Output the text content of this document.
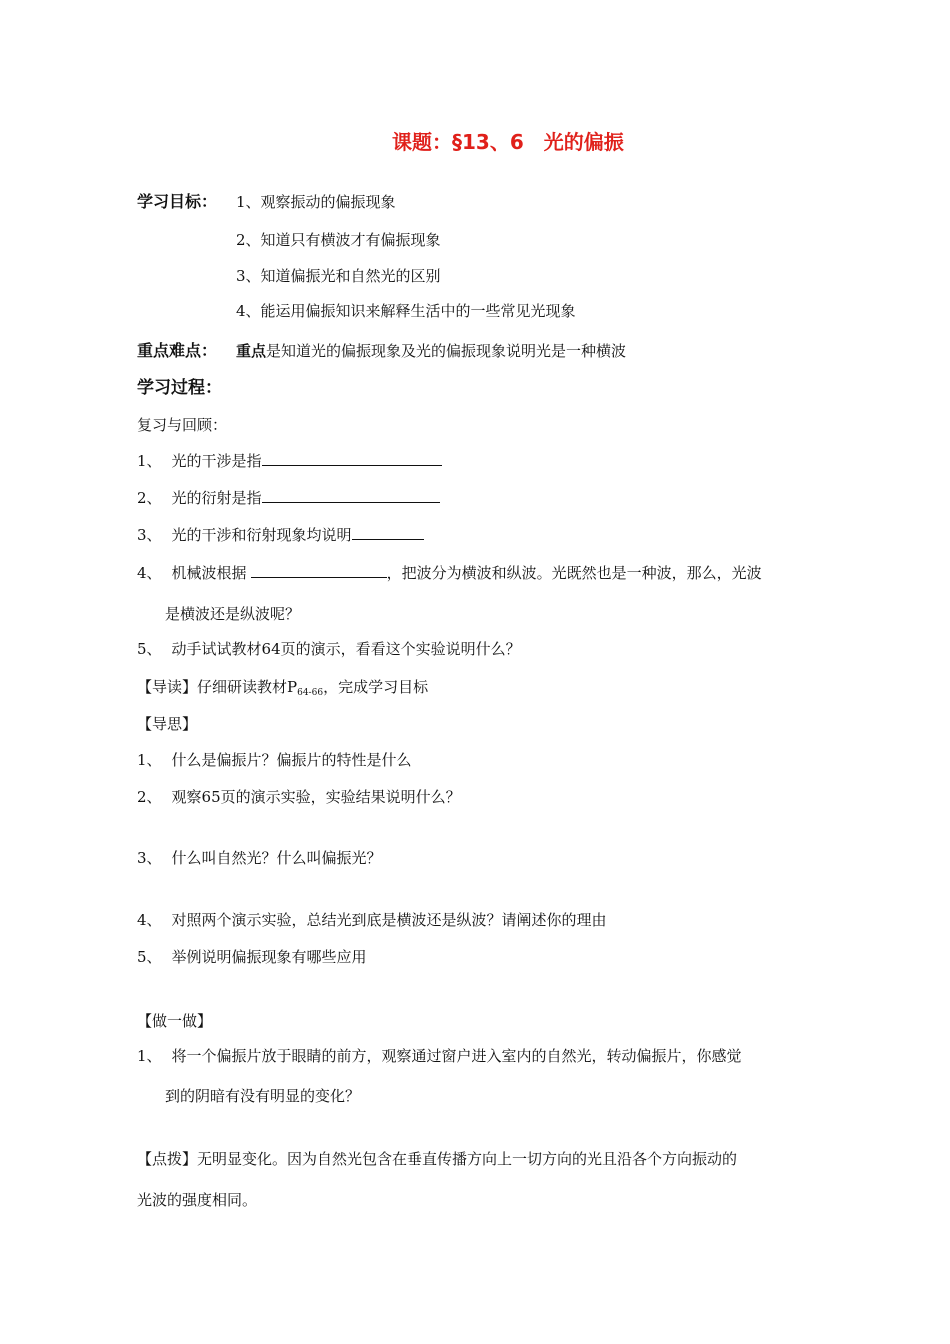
课题：§13、6　光的偏振
学习目标： 1、观察振动的偏振现象
2、知道只有横波才有偏振现象
3、知道偏振光和自然光的区别
4、能运用偏振知识来解释生活中的一些常见光现象
重点难点： 重点是知道光的偏振现象及光的偏振现象说明光是一种横波
学习过程：
复习与回顾：
1、 光的干涉是指
2、 光的衍射是指
3、 光的干涉和衍射现象均说明
4、 机械波根据	，把波分为横波和纵波。光既然也是一种波，那么，光波
是横波还是纵波呢？
5、 动手试试教材64页的演示，看看这个实验说明什么？
【导读】仔细研读教材$P_{64-66}$，完成学习目标
【导思】
1、 什么是偏振片？偏振片的特性是什么
2、 观察65页的演示实验，实验结果说明什么？
3、 什么叫自然光？什么叫偏振光？
4、 对照两个演示实验，总结光到底是横波还是纵波？请阐述你的理由
5、 举例说明偏振现象有哪些应用
【做一做】
1、 将一个偏振片放于眼睛的前方，观察通过窗户进入室内的自然光，转动偏振片，你感觉
到的阴暗有没有明显的变化？
【点拨】无明显变化。因为自然光包含在垂直传播方向上一切方向的光且沿各个方向振动的
光波的强度相同。
